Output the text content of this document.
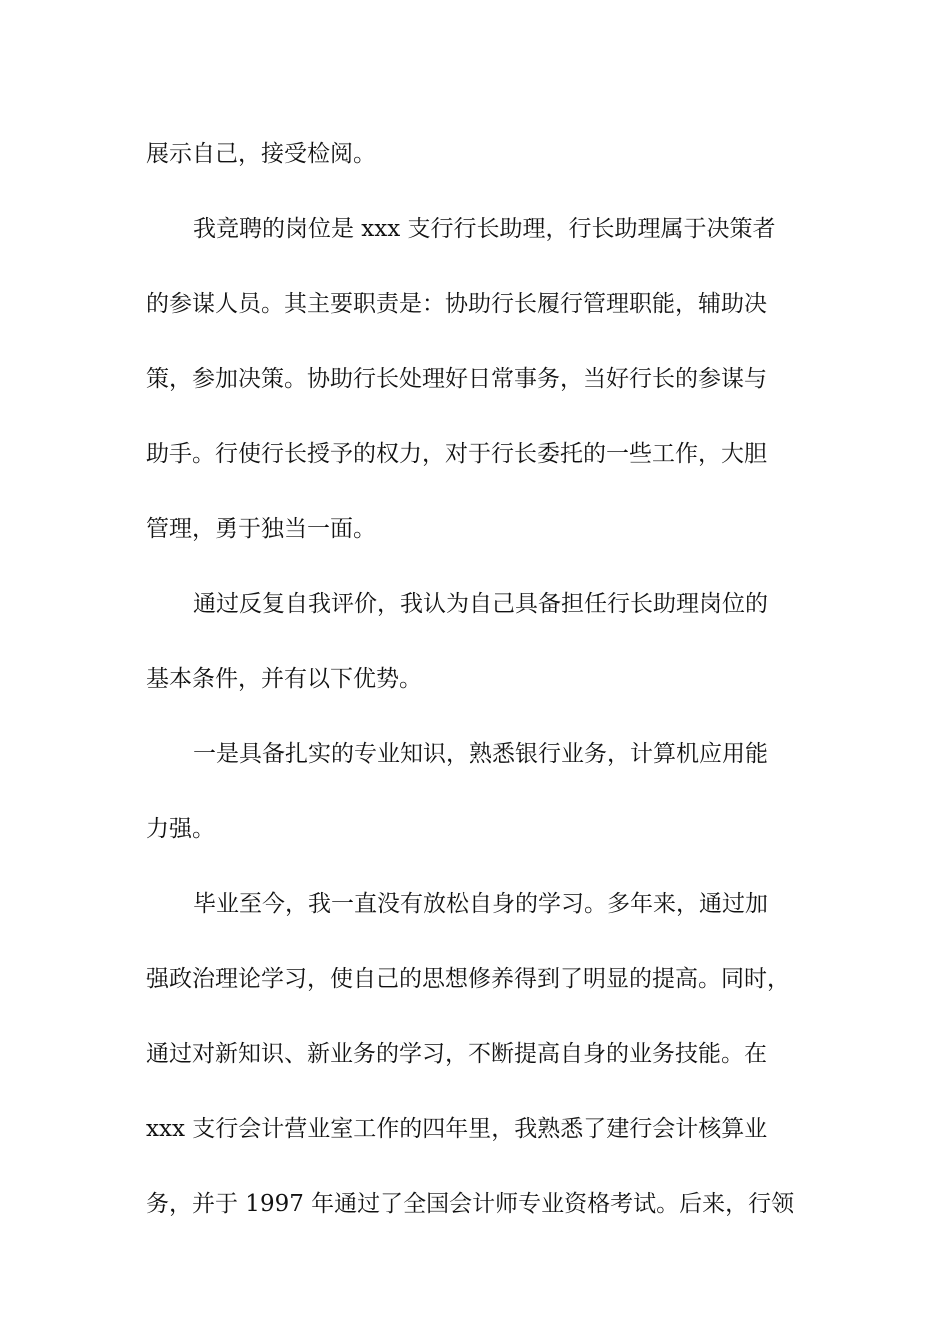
展示自己，接受检阅。
我竞聘的岗位是 xxx 支行行长助理，行长助理属于决策者
的参谋人员。其主要职责是：协助行长履行管理职能，辅助决
策，参加决策。协助行长处理好日常事务，当好行长的参谋与
助手。行使行长授予的权力，对于行长委托的一些工作，大胆
管理，勇于独当一面。
通过反复自我评价，我认为自己具备担任行长助理岗位的
基本条件，并有以下优势。
一是具备扎实的专业知识，熟悉银行业务，计算机应用能
力强。
毕业至今，我一直没有放松自身的学习。多年来，通过加
强政治理论学习，使自己的思想修养得到了明显的提高。同时，
通过对新知识、新业务的学习，不断提高自身的业务技能。在
xxx 支行会计营业室工作的四年里，我熟悉了建行会计核算业
务，并于 1997 年通过了全国会计师专业资格考试。后来，行领
